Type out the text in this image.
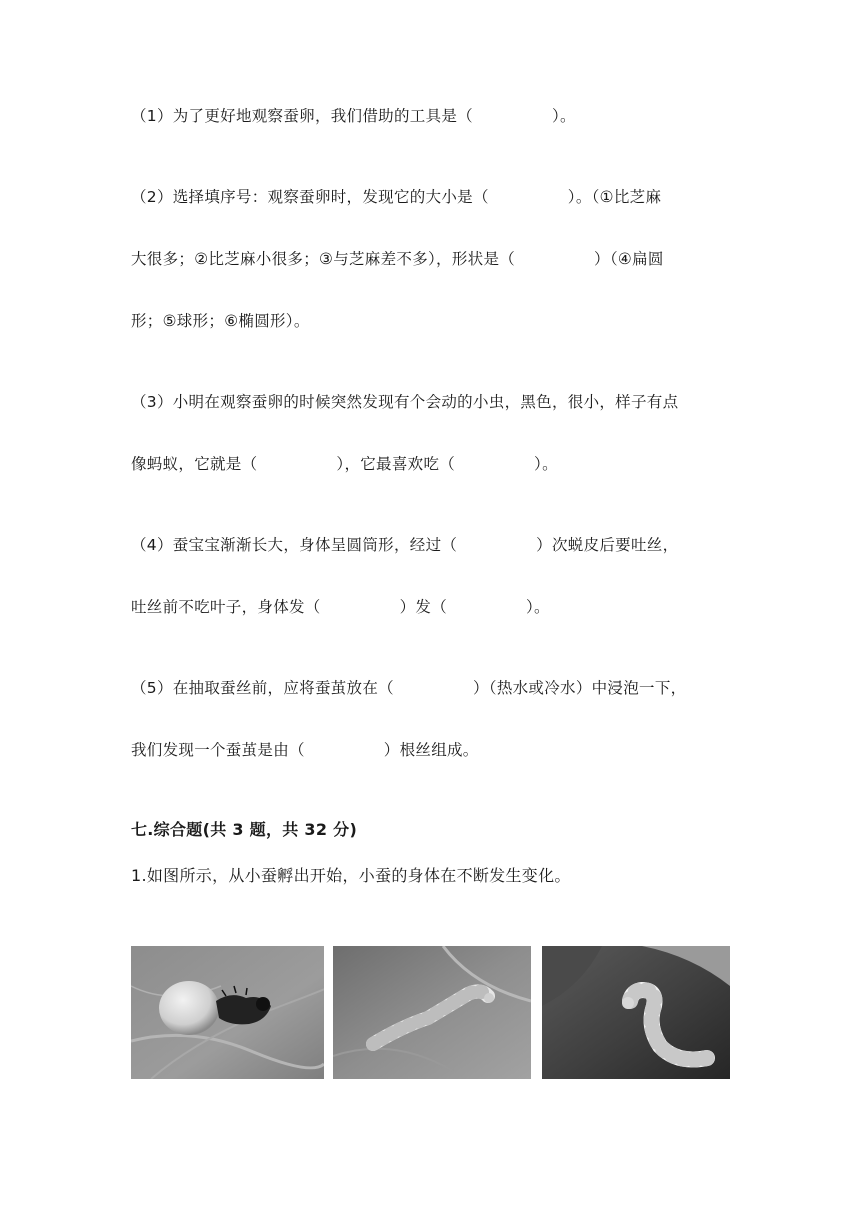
（1）为了更好地观察蚕卵，我们借助的工具是（　　　　　）。
（2）选择填序号：观察蚕卵时，发现它的大小是（　　　　　）。（①比芝麻
大很多；②比芝麻小很多；③与芝麻差不多），形状是（　　　　　）（④扁圆
形；⑤球形；⑥椭圆形）。
（3）小明在观察蚕卵的时候突然发现有个会动的小虫，黑色，很小，样子有点
像蚂蚁，它就是（　　　　　），它最喜欢吃（　　　　　）。
（4）蚕宝宝渐渐长大，身体呈圆筒形，经过（　　　　　）次蜕皮后要吐丝，
吐丝前不吃叶子，身体发（　　　　　）发（　　　　　）。
（5）在抽取蚕丝前，应将蚕茧放在（　　　　　）（热水或冷水）中浸泡一下，
我们发现一个蚕茧是由（　　　　　）根丝组成。
七.综合题(共 3 题，共 32 分)
1.如图所示，从小蚕孵出开始，小蚕的身体在不断发生变化。
